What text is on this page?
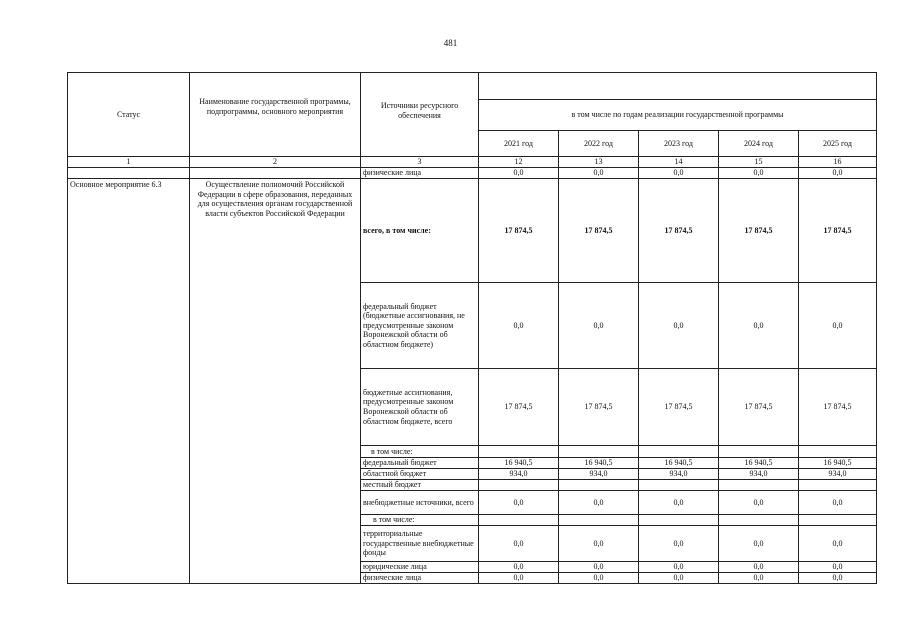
481
Статус	Наименование государственной программы, подпрограммы, основного мероприятия	Источники ресурсного обеспечения					
			в том числе по годам реализации государственной программы				
			2021 год	2022 год	2023 год	2024 год	2025 год
1	2	3	12	13	14	15	16
		физические лица	0,0	0,0	0,0	0,0	0,0
Основное мероприятие 6.3	Осуществление полномочий Российской Федерации в сфере образования, переданных для осуществления органам государственной власти субъектов Российской Федерации	всего, в том числе:	17 874,5	17 874,5	17 874,5	17 874,5	17 874,5
		федеральный бюджет (бюджетные ассигнования, не предусмотренные законом Воронежской области об областном бюджете)	0,0	0,0	0,0	0,0	0,0
		бюджетные ассигнования, предусмотренные законом Воронежской области об областном бюджете, всего	17 874,5	17 874,5	17 874,5	17 874,5	17 874,5
		в том числе:					
		федеральный бюджет	16 940,5	16 940,5	16 940,5	16 940,5	16 940,5
		областной бюджет	934,0	934,0	934,0	934,0	934,0
		местный бюджет					
		внебюджетные источники, всего	0,0	0,0	0,0	0,0	0,0
		в том числе:					
		территориальные государственные внебюджетные фонды	0,0	0,0	0,0	0,0	0,0
		юридические лица	0,0	0,0	0,0	0,0	0,0
		физические лица	0,0	0,0	0,0	0,0	0,0
